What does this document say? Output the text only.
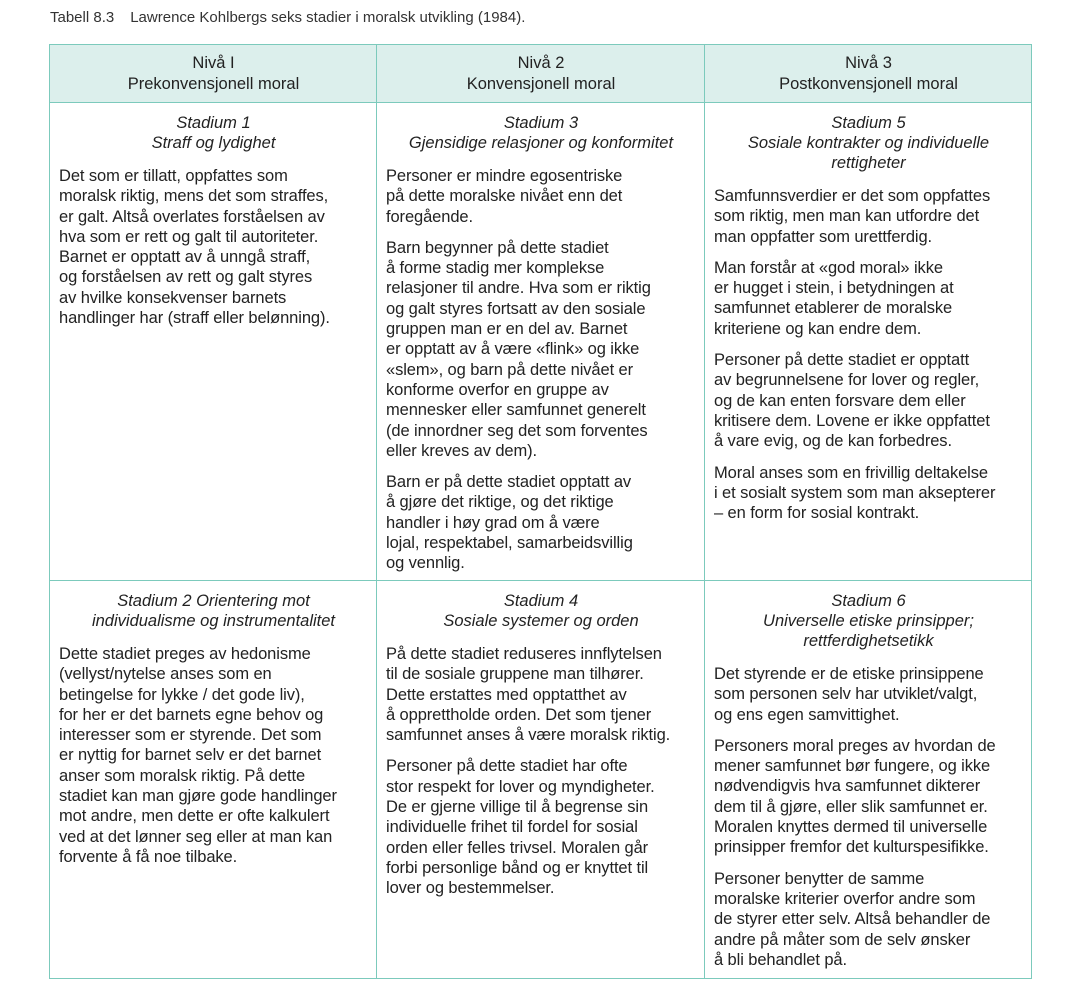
Tabell 8.3 Lawrence Kohlbergs seks stadier i moralsk utvikling (1984).
Nivå I
Prekonvensjonell moral
Nivå 2
Konvensjonell moral
Nivå 3
Postkonvensjonell moral
Stadium 1
Straff og lydighet
Det som er tillatt, oppfattes som
moralsk riktig, mens det som straffes,
er galt. Altså overlates forståelsen av
hva som er rett og galt til autoriteter.
Barnet er opptatt av å unngå straff,
og forståelsen av rett og galt styres
av hvilke konsekvenser barnets
handlinger har (straff eller belønning).
Stadium 3
Gjensidige relasjoner og konformitet
Personer er mindre egosentriske
på dette moralske nivået enn det
foregående.
Barn begynner på dette stadiet
å forme stadig mer komplekse
relasjoner til andre. Hva som er riktig
og galt styres fortsatt av den sosiale
gruppen man er en del av. Barnet
er opptatt av å være «flink» og ikke
«slem», og barn på dette nivået er
konforme overfor en gruppe av
mennesker eller samfunnet generelt
(de innordner seg det som forventes
eller kreves av dem).
Barn er på dette stadiet opptatt av
å gjøre det riktige, og det riktige
handler i høy grad om å være
lojal, respektabel, samarbeidsvillig
og vennlig.
Stadium 5
Sosiale kontrakter og individuelle
rettigheter
Samfunnsverdier er det som oppfattes
som riktig, men man kan utfordre det
man oppfatter som urettferdig.
Man forstår at «god moral» ikke
er hugget i stein, i betydningen at
samfunnet etablerer de moralske
kriteriene og kan endre dem.
Personer på dette stadiet er opptatt
av begrunnelsene for lover og regler,
og de kan enten forsvare dem eller
kritisere dem. Lovene er ikke oppfattet
å vare evig, og de kan forbedres.
Moral anses som en frivillig deltakelse
i et sosialt system som man aksepterer
– en form for sosial kontrakt.
Stadium 2 Orientering mot
individualisme og instrumentalitet
Dette stadiet preges av hedonisme
(vellyst/nytelse anses som en
betingelse for lykke / det gode liv),
for her er det barnets egne behov og
interesser som er styrende. Det som
er nyttig for barnet selv er det barnet
anser som moralsk riktig. På dette
stadiet kan man gjøre gode handlinger
mot andre, men dette er ofte kalkulert
ved at det lønner seg eller at man kan
forvente å få noe tilbake.
Stadium 4
Sosiale systemer og orden
På dette stadiet reduseres innflytelsen
til de sosiale gruppene man tilhører.
Dette erstattes med opptatthet av
å opprettholde orden. Det som tjener
samfunnet anses å være moralsk riktig.
Personer på dette stadiet har ofte
stor respekt for lover og myndigheter.
De er gjerne villige til å begrense sin
individuelle frihet til fordel for sosial
orden eller felles trivsel. Moralen går
forbi personlige bånd og er knyttet til
lover og bestemmelser.
Stadium 6
Universelle etiske prinsipper;
rettferdighetsetikk
Det styrende er de etiske prinsippene
som personen selv har utviklet/valgt,
og ens egen samvittighet.
Personers moral preges av hvordan de
mener samfunnet bør fungere, og ikke
nødvendigvis hva samfunnet dikterer
dem til å gjøre, eller slik samfunnet er.
Moralen knyttes dermed til universelle
prinsipper fremfor det kulturspesifikke.
Personer benytter de samme
moralske kriterier overfor andre som
de styrer etter selv. Altså behandler de
andre på måter som de selv ønsker
å bli behandlet på.
